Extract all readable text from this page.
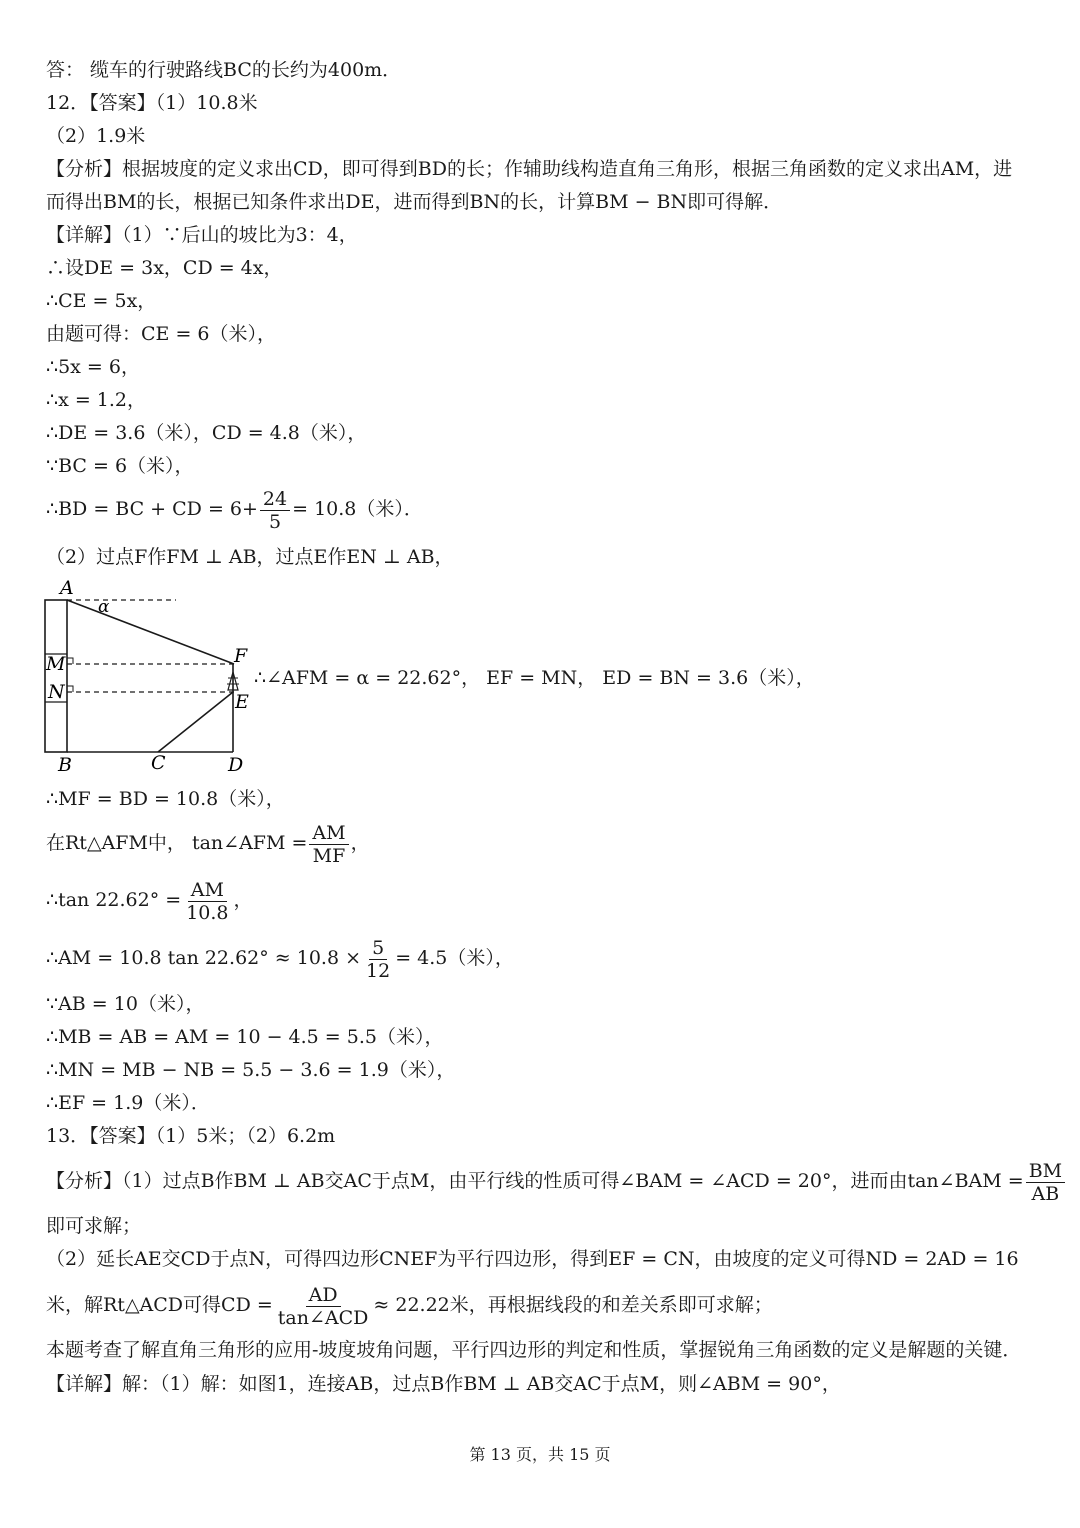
答： 缆车的行驶路线BC的长约为400m．
12．【答案】（1）10.8米
（2）1.9米
【分析】根据坡度的定义求出CD，即可得到BD的长；作辅助线构造直角三角形，根据三角函数的定义求出AM，进
而得出BM的长，根据已知条件求出DE，进而得到BN的长，计算BM − BN即可得解．
【详解】（1）∵后山的坡比为3：4，
∴设DE = 3x，CD = 4x，
∴CE = 5x，
由题可得：CE = 6（米），
∴5x = 6，
∴x = 1.2，
∴DE = 3.6（米），CD = 4.8（米），
∵BC = 6（米），
∴BD = BC + CD = $6+ \frac{24}{5} = 10.8$（米）．
（2）过点F作FM ⊥ AB，过点E作EN ⊥ AB，
A
α
M
N
F
E
B	C	D
∴∠AFM = α = 22.62°， EF = MN， ED = BN = 3.6（米），
∴MF = BD = 10.8（米），
在Rt△AFM中， tan∠AFM = $\frac{AM}{MF}$ ，
∴tan $22.62^\circ = \frac{AM}{10.8}$ ，
∴AM = 10.8 $\tan 22.62^\circ \approx 10.8 \times \frac{5}{12} = 4.5$（米），
∵AB = 10（米），
∴MB = AB = AM = 10 − 4.5 = 5.5（米），
∴MN = MB − NB = 5.5 − 3.6 = 1.9（米），
∴EF = 1.9（米）．
13．【答案】（1）5米；（2）6.2m
【分析】（1）过点B作BM ⊥ AB交AC于点M，由平行线的性质可得∠BAM = ∠ACD = 20°，进而由tan∠BAM = $\frac{BM}{AB}$
即可求解；
（2）延长AE交CD于点N，可得四边形CNEF为平行四边形，得到EF = CN，由坡度的定义可得ND = 2AD = 16
米，解Rt△ACD可得CD = $\frac{AD}{\text{tan∠ACD}} \approx 22.22$米，再根据线段的和差关系即可求解；
本题考查了解直角三角形的应用-坡度坡角问题，平行四边形的判定和性质，掌握锐角三角函数的定义是解题的关键．
【详解】解：（1）解：如图1，连接AB，过点B作BM ⊥ AB交AC于点M，则∠ABM = 90°，
第 13 页，共 15 页
